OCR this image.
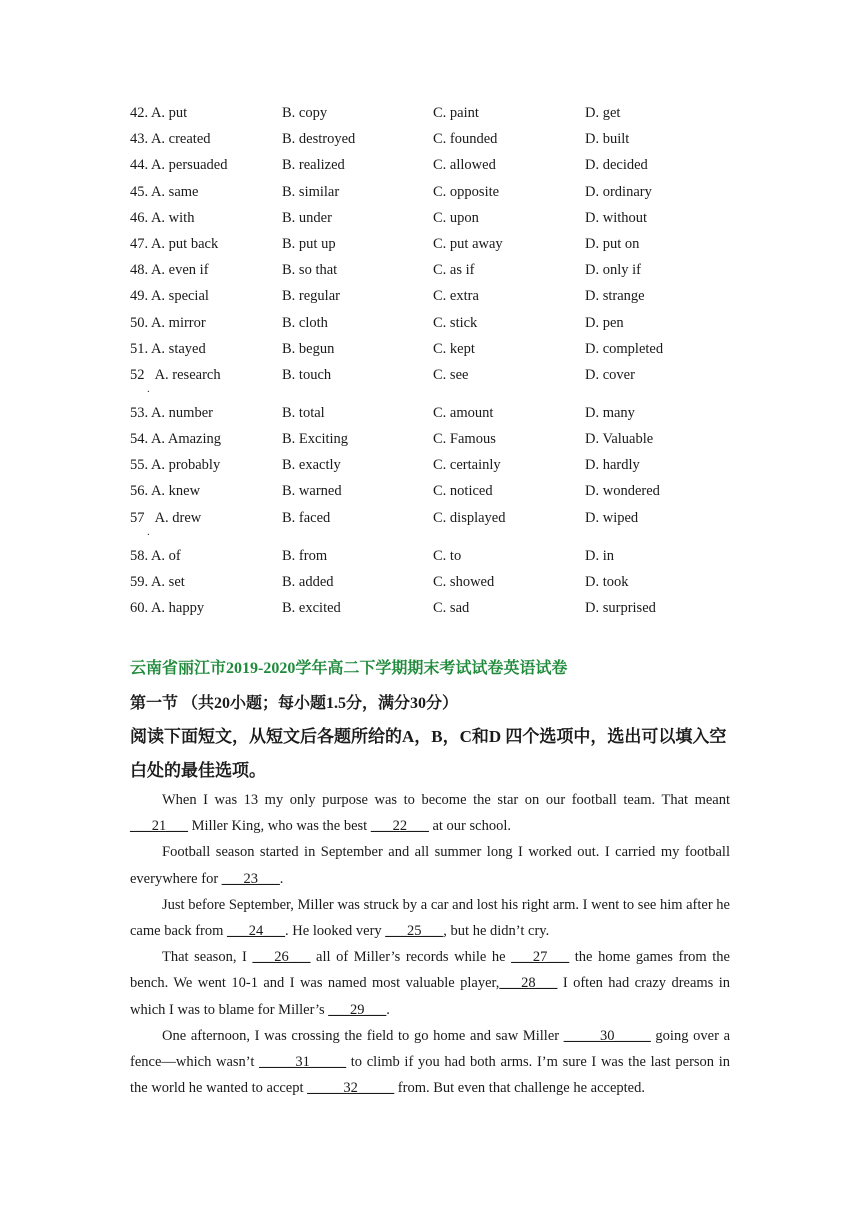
42. A. put	B. copy	C. paint	D. get
43. A. created	B. destroyed	C. founded	D. built
44. A. persuaded	B. realized	C. allowed	D. decided
45. A. same	B. similar	C. opposite	D. ordinary
46. A. with	B. under	C. upon	D. without
47. A. put back	B. put up	C. put away	D. put on
48. A. even if	B. so that	C. as if	D. only if
49. A. special	B. regular	C. extra	D. strange
50. A. mirror	B. cloth	C. stick	D. pen
51. A. stayed	B. begun	C. kept	D. completed
52   A. research	B. touch	C. see	D. cover
.
53. A. number	B. total	C. amount	D. many
54. A. Amazing	B. Exciting	C. Famous	D. Valuable
55. A. probably	B. exactly	C. certainly	D. hardly
56. A. knew	B. warned	C. noticed	D. wondered
57   A. drew	B. faced	C. displayed	D. wiped
.
58. A. of	B. from	C. to	D. in
59. A. set	B. added	C. showed	D. took
60. A. happy	B. excited	C. sad	D. surprised
云南省丽江市2019-2020学年高二下学期期末考试试卷英语试卷
第一节 （共20小题；每小题1.5分，满分30分）
阅读下面短文，从短文后各题所给的A，B，C和D 四个选项中，选出可以填入空白处的最佳选项。

When I was 13 my only purpose was to become the star on our football team. That meant ___21___ Miller King, who was the best ___22___ at our school.

Football season started in September and all summer long I worked out. I carried my football everywhere for ___23___.

Just before September, Miller was struck by a car and lost his right arm. I went to see him after he came back from ___24___. He looked very ___25___, but he didn’t cry.

That season, I ___26___ all of Miller’s records while he ___27___ the home games from the bench. We went 10-1 and I was named most valuable player,___28___ I often had crazy dreams in which I was to blame for Miller’s ___29___.

One afternoon, I was crossing the field to go home and saw Miller _____30_____ going over a fence—which wasn’t _____31_____ to climb if you had both arms. I’m sure I was the last person in the world he wanted to accept _____32_____ from. But even that challenge he accepted.
